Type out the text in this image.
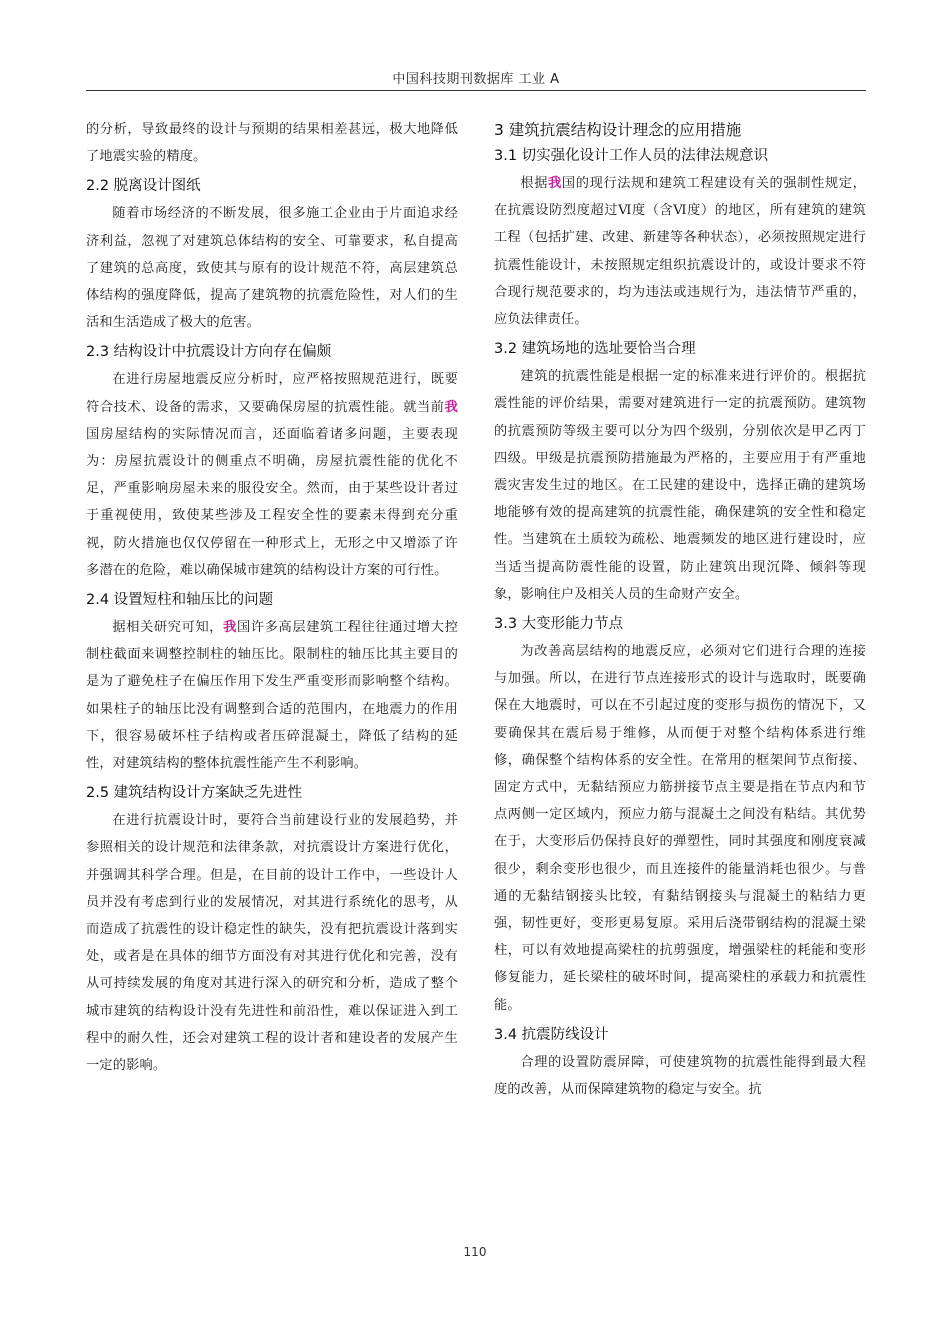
中国科技期刊数据库 工业 A

的分析，导致最终的设计与预期的结果相差甚远，极大地降低了地震实验的精度。

2.2 脱离设计图纸

随着市场经济的不断发展，很多施工企业由于片面追求经济利益，忽视了对建筑总体结构的安全、可靠要求，私自提高了建筑的总高度，致使其与原有的设计规范不符，高层建筑总体结构的强度降低，提高了建筑物的抗震危险性，对人们的生活和生活造成了极大的危害。

2.3 结构设计中抗震设计方向存在偏颇

在进行房屋地震反应分析时，应严格按照规范进行，既要符合技术、设备的需求，又要确保房屋的抗震性能。就当前我国房屋结构的实际情况而言，还面临着诸多问题，主要表现为：房屋抗震设计的侧重点不明确，房屋抗震性能的优化不足，严重影响房屋未来的服役安全。然而，由于某些设计者过于重视使用，致使某些涉及工程安全性的要素未得到充分重视，防火措施也仅仅停留在一种形式上，无形之中又增添了许多潜在的危险，难以确保城市建筑的结构设计方案的可行性。

2.4 设置短柱和轴压比的问题

据相关研究可知，我国许多高层建筑工程往往通过增大控制柱截面来调整控制柱的轴压比。限制柱的轴压比其主要目的是为了避免柱子在偏压作用下发生严重变形而影响整个结构。如果柱子的轴压比没有调整到合适的范围内，在地震力的作用下，很容易破坏柱子结构或者压碎混凝土，降低了结构的延性，对建筑结构的整体抗震性能产生不利影响。

2.5 建筑结构设计方案缺乏先进性

在进行抗震设计时，要符合当前建设行业的发展趋势，并参照相关的设计规范和法律条款，对抗震设计方案进行优化，并强调其科学合理。但是，在目前的设计工作中，一些设计人员并没有考虑到行业的发展情况，对其进行系统化的思考，从而造成了抗震性的设计稳定性的缺失，没有把抗震设计落到实处，或者是在具体的细节方面没有对其进行优化和完善，没有从可持续发展的角度对其进行深入的研究和分析，造成了整个城市建筑的结构设计没有先进性和前沿性，难以保证进入到工程中的耐久性，还会对建筑工程的设计者和建设者的发展产生一定的影响。

3 建筑抗震结构设计理念的应用措施
3.1 切实强化设计工作人员的法律法规意识

根据我国的现行法规和建筑工程建设有关的强制性规定，在抗震设防烈度超过Ⅵ度（含Ⅵ度）的地区，所有建筑的建筑工程（包括扩建、改建、新建等各种状态），必须按照规定进行抗震性能设计，未按照规定组织抗震设计的，或设计要求不符合现行规范要求的，均为违法或违规行为，违法情节严重的，应负法律责任。

3.2 建筑场地的选址要恰当合理

建筑的抗震性能是根据一定的标准来进行评价的。根据抗震性能的评价结果，需要对建筑进行一定的抗震预防。建筑物的抗震预防等级主要可以分为四个级别，分别依次是甲乙丙丁四级。甲级是抗震预防措施最为严格的，主要应用于有严重地震灾害发生过的地区。在工民建的建设中，选择正确的建筑场地能够有效的提高建筑的抗震性能，确保建筑的安全性和稳定性。当建筑在土质较为疏松、地震频发的地区进行建设时，应当适当提高防震性能的设置，防止建筑出现沉降、倾斜等现象，影响住户及相关人员的生命财产安全。

3.3 大变形能力节点

为改善高层结构的地震反应，必须对它们进行合理的连接与加强。所以，在进行节点连接形式的设计与选取时，既要确保在大地震时，可以在不引起过度的变形与损伤的情况下，又要确保其在震后易于维修，从而便于对整个结构体系进行维修，确保整个结构体系的安全性。在常用的框架间节点衔接、固定方式中，无黏结预应力筋拼接节点主要是指在节点内和节点两侧一定区域内，预应力筋与混凝土之间没有粘结。其优势在于，大变形后仍保持良好的弹塑性，同时其强度和刚度衰减很少，剩余变形也很少，而且连接件的能量消耗也很少。与普通的无黏结钢接头比较，有黏结钢接头与混凝土的粘结力更强，韧性更好，变形更易复原。采用后浇带钢结构的混凝土梁柱，可以有效地提高梁柱的抗剪强度，增强梁柱的耗能和变形修复能力，延长梁柱的破坏时间，提高梁柱的承载力和抗震性能。

3.4 抗震防线设计

合理的设置防震屏障，可使建筑物的抗震性能得到最大程度的改善，从而保障建筑物的稳定与安全。抗

110
